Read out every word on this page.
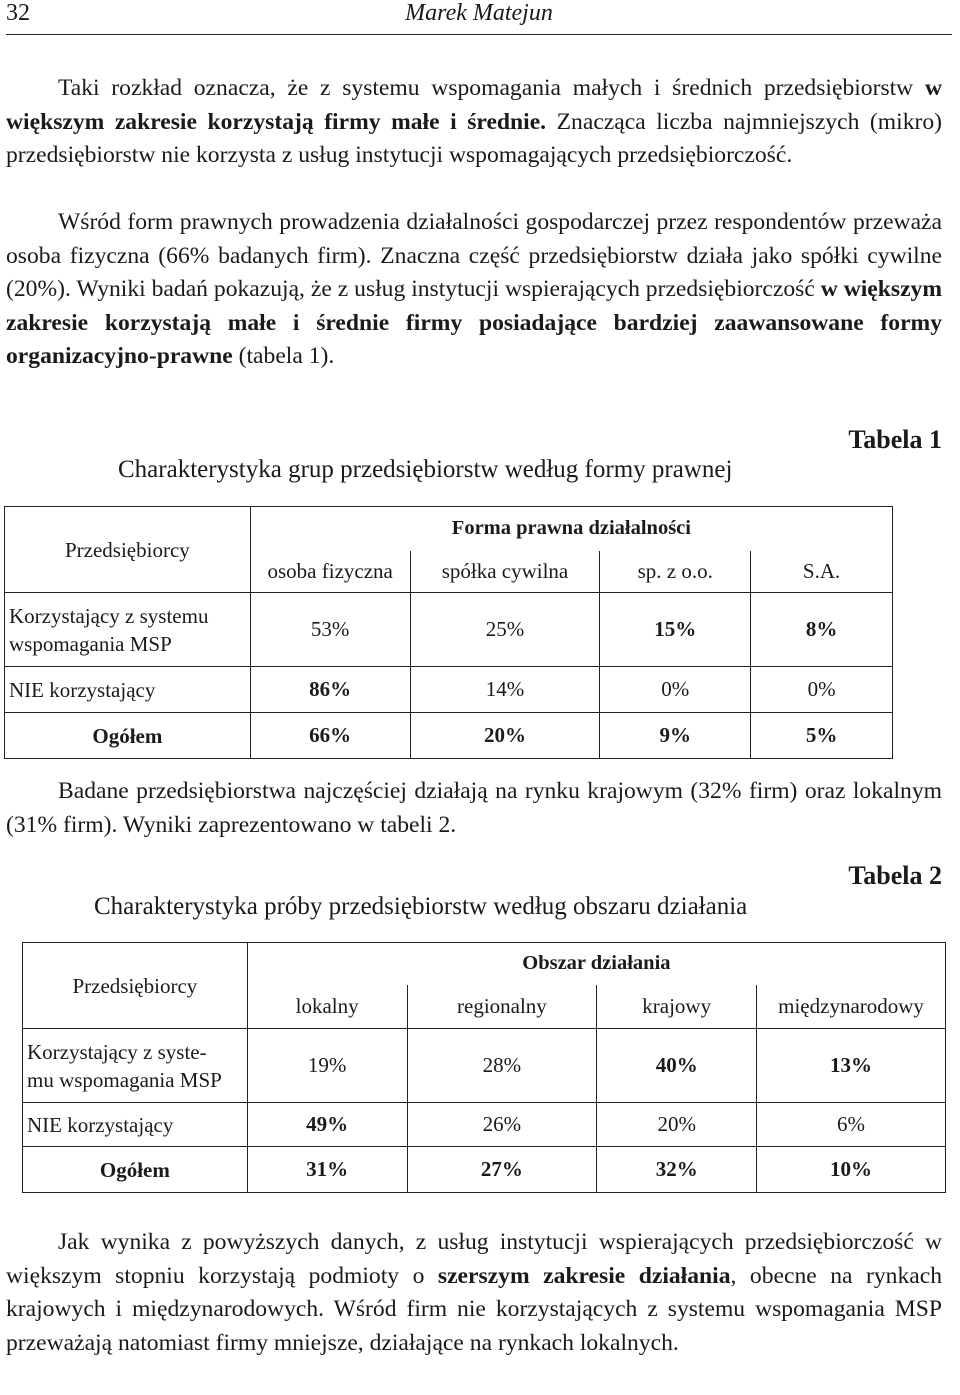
32	Marek Matejun

Taki rozkład oznacza, że z systemu wspomagania małych i średnich przedsiębiorstw w większym zakresie korzystają firmy małe i średnie. Znacząca liczba najmniejszych (mikro) przedsiębiorstw nie korzysta z usług instytucji wspomagających przedsiębiorczość.

Wśród form prawnych prowadzenia działalności gospodarczej przez respondentów przeważa osoba fizyczna (66% badanych firm). Znaczna część przedsiębiorstw działa jako spółki cywilne (20%). Wyniki badań pokazują, że z usług instytucji wspierających przedsiębiorczość w większym zakresie korzystają małe i średnie firmy posiadające bardziej zaawansowane formy organizacyjno-prawne (tabela 1).

Tabela 1
Charakterystyka grup przedsiębiorstw według formy prawnej
Przedsiębiorcy	Forma prawna działalności			
	osoba fizyczna	spółka cywilna	sp. z o.o.	S.A.
Korzystający z systemu
wspomagania MSP	53%	25%	15%	8%
NIE korzystający	86%	14%	0%	0%
Ogółem	66%	20%	9%	5%

Badane przedsiębiorstwa najczęściej działają na rynku krajowym (32% firm) oraz lokalnym (31% firm). Wyniki zaprezentowano w tabeli 2.

Tabela 2
Charakterystyka próby przedsiębiorstw według obszaru działania
Przedsiębiorcy	Obszar działania			
	lokalny	regionalny	krajowy	międzynarodowy
Korzystający z syste-
mu wspomagania MSP	19%	28%	40%	13%
NIE korzystający	49%	26%	20%	6%
Ogółem	31%	27%	32%	10%

Jak wynika z powyższych danych, z usług instytucji wspierających przedsiębiorczość w większym stopniu korzystają podmioty o szerszym zakresie działania, obecne na rynkach krajowych i międzynarodowych. Wśród firm nie korzystających z systemu wspomagania MSP przeważają natomiast firmy mniejsze, działające na rynkach lokalnych.
